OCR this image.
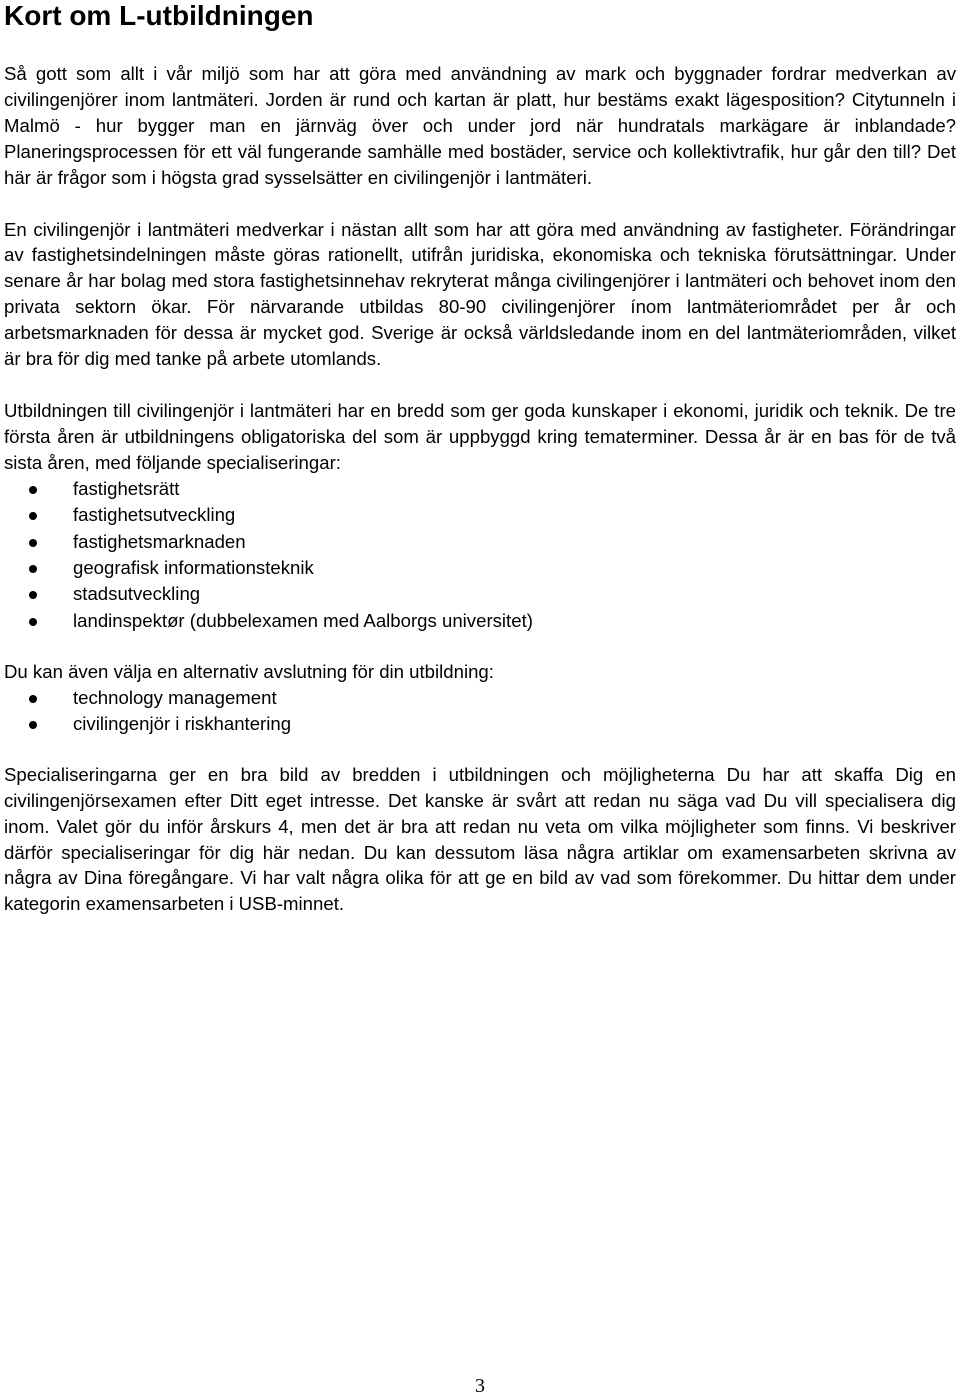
Kort om L-utbildningen

Så gott som allt i vår miljö som har att göra med användning av mark och byggnader fordrar medverkan av civilingenjörer inom lantmäteri. Jorden är rund och kartan är platt, hur bestäms exakt lägesposition? Citytunneln i Malmö - hur bygger man en järnväg över och under jord när hundratals markägare är inblandade? Planeringsprocessen för ett väl fungerande samhälle med bostäder, service och kollektivtrafik, hur går den till? Det här är frågor som i högsta grad sysselsätter en civilingenjör i lantmäteri.

En civilingenjör i lantmäteri medverkar i nästan allt som har att göra med användning av fastigheter. Förändringar av fastighetsindelningen måste göras rationellt, utifrån juridiska, ekonomiska och tekniska förutsättningar. Under senare år har bolag med stora fastighetsinnehav rekryterat många civilingenjörer i lantmäteri och behovet inom den privata sektorn ökar. För närvarande utbildas 80-90 civilingenjörer ínom lantmäteriområdet per år och arbetsmarknaden för dessa är mycket god. Sverige är också världsledande inom en del lantmäteriområden, vilket är bra för dig med tanke på arbete utomlands.

Utbildningen till civilingenjör i lantmäteri har en bredd som ger goda kunskaper i ekonomi, juridik och teknik. De tre första åren är utbildningens obligatoriska del som är uppbyggd kring tematerminer. Dessa år är en bas för de två sista åren, med följande specialiseringar:

fastighetsrätt
fastighetsutveckling
fastighetsmarknaden
geografisk informationsteknik
stadsutveckling
landinspektør (dubbelexamen med Aalborgs universitet)

Du kan även välja en alternativ avslutning för din utbildning:

technology management
civilingenjör i riskhantering

Specialiseringarna ger en bra bild av bredden i utbildningen och möjligheterna Du har att skaffa Dig en civilingenjörsexamen efter Ditt eget intresse. Det kanske är svårt att redan nu säga vad Du vill specialisera dig inom. Valet gör du inför årskurs 4, men det är bra att redan nu veta om vilka möjligheter som finns. Vi beskriver därför specialiseringar för dig här nedan. Du kan dessutom läsa några artiklar om examensarbeten skrivna av några av Dina föregångare. Vi har valt några olika för att ge en bild av vad som förekommer. Du hittar dem under kategorin examensarbeten i USB-minnet.

3
